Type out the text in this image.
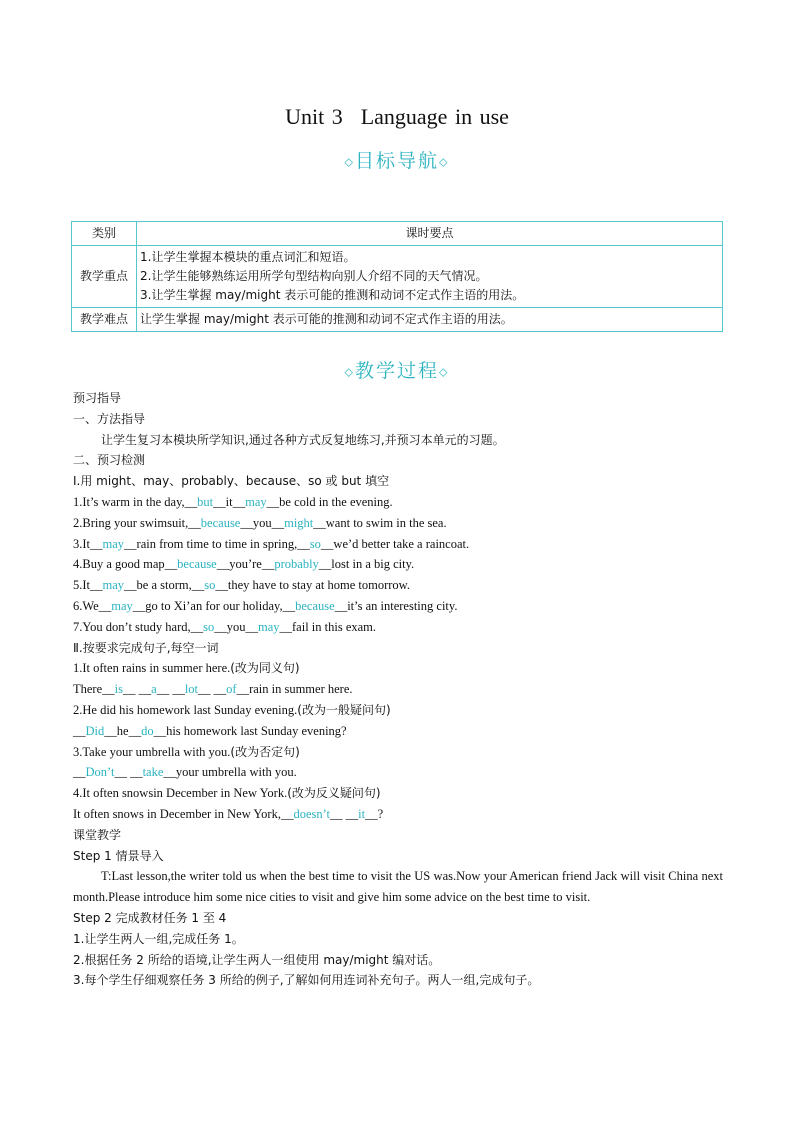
Unit 3 Language in use
◇目标导航◇
类别	课时要点
教学重点	1.让学生掌握本模块的重点词汇和短语。
2.让学生能够熟练运用所学句型结构向别人介绍不同的天气情况。
3.让学生掌握 may/might 表示可能的推测和动词不定式作主语的用法。

教学难点	让学生掌握 may/might 表示可能的推测和动词不定式作主语的用法。
◇教学过程◇
预习指导
一、方法指导
让学生复习本模块所学知识,通过各种方式反复地练习,并预习本单元的习题。
二、预习检测
Ⅰ.用 might、may、probably、because、so 或 but 填空
1.It’s warm in the day,__but__it__may__be cold in the evening.
2.Bring your swimsuit,__because__you__might__want to swim in the sea.
3.It__may__rain from time to time in spring,__so__we’d better take a raincoat.
4.Buy a good map__because__you’re__probably__lost in a big city.
5.It__may__be a storm,__so__they have to stay at home tomorrow.
6.We__may__go to Xi’an for our holiday,__because__it’s an interesting city.
7.You don’t study hard,__so__you__may__fail in this exam.
Ⅱ.按要求完成句子,每空一词
1.It often rains in summer here.(改为同义句)
There__is__ __a__ __lot__ __of__rain in summer here.
2.He did his homework last Sunday evening.(改为一般疑问句)
__Did__he__do__his homework last Sunday evening?
3.Take your umbrella with you.(改为否定句)
__Don’t__ __take__your umbrella with you.
4.It often snowsin December in New York.(改为反义疑问句)
It often snows in December in New York,__doesn’t__ __it__?
课堂教学
Step 1 情景导入
T:Last lesson,the writer told us when the best time to visit the US was.Now your American friend Jack will visit China next month.Please introduce him some nice cities to visit and give him some advice on the best time to visit.
Step 2 完成教材任务 1 至 4
1.让学生两人一组,完成任务 1。
2.根据任务 2 所给的语境,让学生两人一组使用 may/might 编对话。
3.每个学生仔细观察任务 3 所给的例子,了解如何用连词补充句子。两人一组,完成句子。
